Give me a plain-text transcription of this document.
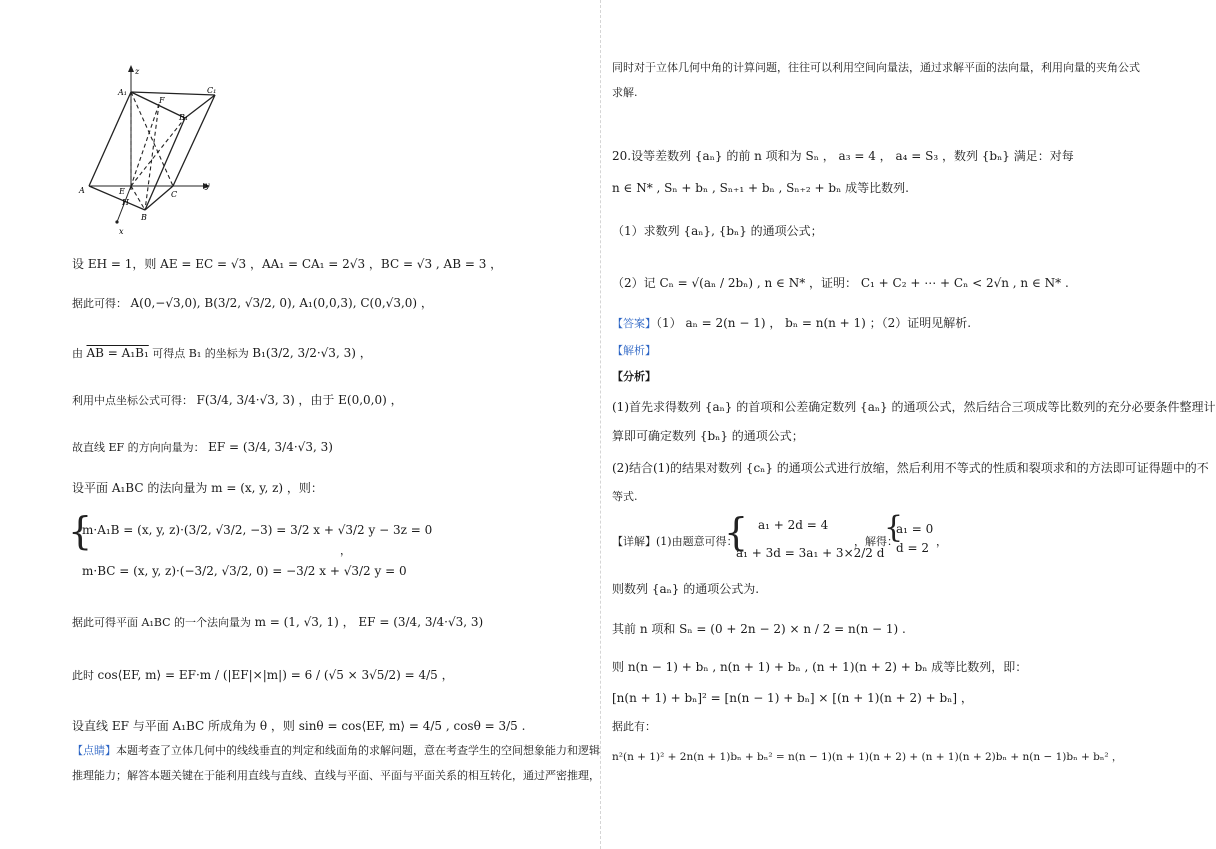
z
A₁	C₁
F
B₁
A	E
H
C
B
x
y
设 EH = 1，则 AE = EC = √3 ，AA₁ = CA₁ = 2√3 ，BC = √3 , AB = 3 ，
据此可得： A(0,−√3,0), B(3/2, √3/2, 0), A₁(0,0,3), C(0,√3,0) ，
由 AB = A₁B₁ 可得点 B₁ 的坐标为 B₁(3/2, 3/2·√3, 3) ，
利用中点坐标公式可得： F(3/4, 3/4·√3, 3) ，由于 E(0,0,0) ，
故直线 EF 的方向向量为： EF = (3/4, 3/4·√3, 3)
设平面 A₁BC 的法向量为 m = (x, y, z) ，则：
{
m·A₁B = (x, y, z)·(3/2, √3/2, −3) = 3/2 x + √3/2 y − 3z = 0
m·BC = (x, y, z)·(−3/2, √3/2, 0) = −3/2 x + √3/2 y = 0
，
据此可得平面 A₁BC 的一个法向量为 m = (1, √3, 1) ， EF = (3/4, 3/4·√3, 3)
此时 cos⟨EF, m⟩ = EF·m / (|EF|×|m|) = 6 / (√5 × 3√5/2) = 4/5 ，
设直线 EF 与平面 A₁BC 所成角为 θ ，则 sinθ = cos⟨EF, m⟩ = 4/5 , cosθ = 3/5 .
【点睛】本题考查了立体几何中的线线垂直的判定和线面角的求解问题，意在考查学生的空间想象能力和逻辑
推理能力；解答本题关键在于能利用直线与直线、直线与平面、平面与平面关系的相互转化，通过严密推理，
同时对于立体几何中角的计算问题，往往可以利用空间向量法，通过求解平面的法向量，利用向量的夹角公式
求解.
20.设等差数列 {aₙ} 的前 n 项和为 Sₙ ， a₃ = 4 ， a₄ = S₃ ，数列 {bₙ} 满足：对每
n ∈ N* , Sₙ + bₙ , Sₙ₊₁ + bₙ , Sₙ₊₂ + bₙ 成等比数列.
（1）求数列 {aₙ}, {bₙ} 的通项公式；
（2）记 Cₙ = √(aₙ / 2bₙ) , n ∈ N* ，证明： C₁ + C₂ + ⋯ + Cₙ < 2√n , n ∈ N* .
【答案】（1） aₙ = 2(n − 1) ， bₙ = n(n + 1) ；（2）证明见解析.
【解析】
【分析】
(1)首先求得数列 {aₙ} 的首项和公差确定数列 {aₙ} 的通项公式，然后结合三项成等比数列的充分必要条件整理计
算即可确定数列 {bₙ} 的通项公式；
(2)结合(1)的结果对数列 {cₙ} 的通项公式进行放缩，然后利用不等式的性质和裂项求和的方法即可证得题中的不
等式.
【详解】(1)由题意可得：
{ a₁ + 2d = 4
a₁ + 3d = 3a₁ + 3×2/2 d
，解得：
{
a₁ = 0
d = 2 ，
则数列 {aₙ} 的通项公式为.
其前 n 项和 Sₙ = (0 + 2n − 2) × n / 2 = n(n − 1) .
则 n(n − 1) + bₙ , n(n + 1) + bₙ , (n + 1)(n + 2) + bₙ 成等比数列，即：
[n(n + 1) + bₙ]² = [n(n − 1) + bₙ] × [(n + 1)(n + 2) + bₙ] ，
据此有：
n²(n + 1)² + 2n(n + 1)bₙ + bₙ² = n(n − 1)(n + 1)(n + 2) + (n + 1)(n + 2)bₙ + n(n − 1)bₙ + bₙ² ，
